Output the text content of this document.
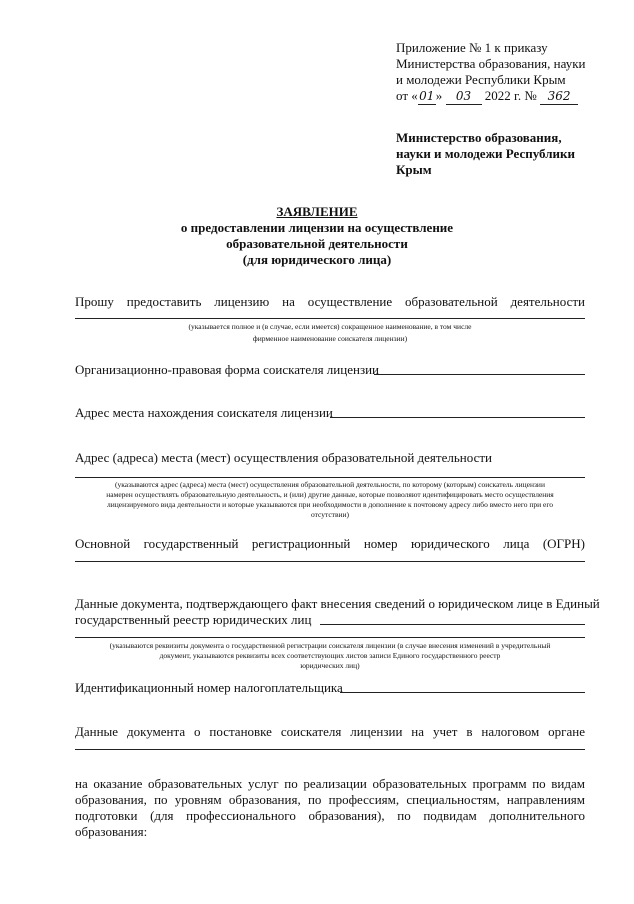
Приложение № 1 к приказу
Министерства образования, науки
и молодежи Республики Крым
от «01» 03 2022 г. № 362
Министерство образования,
науки и молодежи Республики
Крым
ЗАЯВЛЕНИЕ
о предоставлении лицензии на осуществление
образовательной деятельности
(для юридического лица)
Прошу предоставить лицензию на осуществление образовательной деятельности
(указывается полное и (в случае, если имеется) сокращенное наименование, в том числе
фирменное наименование соискателя лицензии)
Организационно-правовая форма соискателя лицензии
Адрес места нахождения соискателя лицензии
Адрес (адреса) места (мест) осуществления образовательной деятельности
(указываются адрес (адреса) места (мест) осуществления образовательной деятельности, по которому (которым) соискатель лицензии
намерен осуществлять образовательную деятельность, и (или) другие данные, которые позволяют идентифицировать место осуществления
лицензируемого вида деятельности и которые указываются при необходимости в дополнение к почтовому адресу либо вместо него при его
отсутствии)
Основной государственный регистрационный номер юридического лица (ОГРН)
Данные документа, подтверждающего факт внесения сведений о юридическом лице в Единый
государственный реестр юридических лиц
(указываются реквизиты документа о государственной регистрации соискателя лицензии (в случае внесения изменений в учредительный
документ, указываются реквизиты всех соответствующих листов записи Единого государственного реестр
юридических лиц)
Идентификационный номер налогоплательщика
Данные документа о постановке соискателя лицензии на учет в налоговом органе
на оказание образовательных услуг по реализации образовательных программ по видам образования, по уровням образования, по профессиям, специальностям, направлениям подготовки (для профессионального образования), по подвидам дополнительного образования:
